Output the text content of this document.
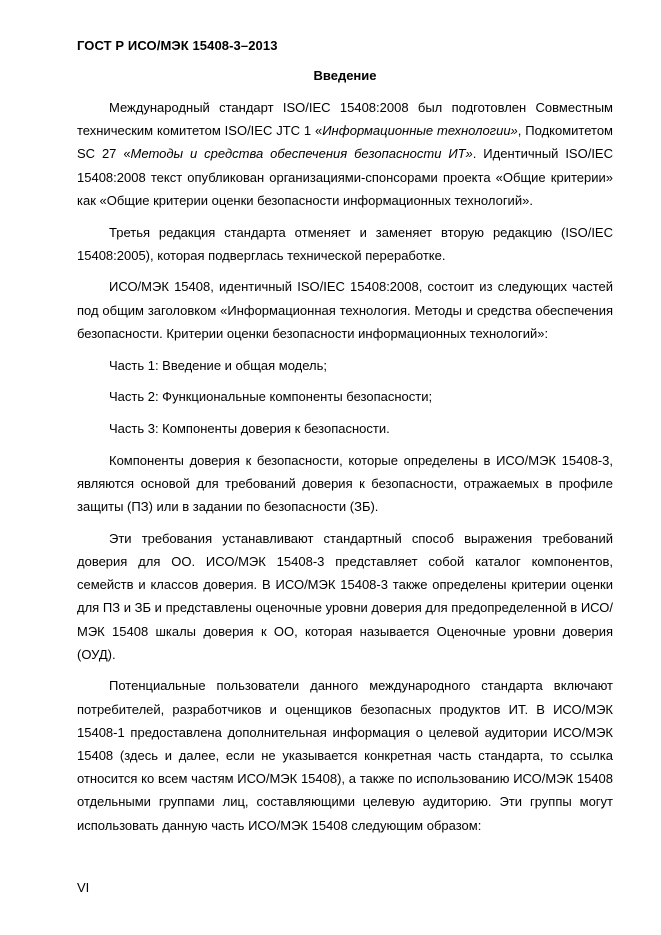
ГОСТ Р ИСО/МЭК 15408-3–2013
Введение

Международный стандарт ISO/IEC 15408:2008 был подготовлен Совместным техническим комитетом ISO/IEC JTC 1 «Информационные технологии», Подкомитетом SC 27 «Методы и средства обеспечения безопасности ИТ». Идентичный ISO/IEC 15408:2008 текст опубликован организациями-спонсорами проекта «Общие критерии» как «Общие критерии оценки безопасности информационных технологий».

Третья редакция стандарта отменяет и заменяет вторую редакцию (ISO/IEC 15408:2005), которая подверглась технической переработке.

ИСО/МЭК 15408, идентичный ISO/IEC 15408:2008, состоит из следующих частей под общим заголовком «Информационная технология. Методы и средства обеспечения безопасности. Критерии оценки безопасности информационных технологий»:

Часть 1: Введение и общая модель;

Часть 2: Функциональные компоненты безопасности;

Часть 3: Компоненты доверия к безопасности.

Компоненты доверия к безопасности, которые определены в ИСО/МЭК 15408-3, являются основой для требований доверия к безопасности, отражаемых в профиле защиты (ПЗ) или в задании по безопасности (ЗБ).

Эти требования устанавливают стандартный способ выражения требований доверия для ОО. ИСО/МЭК 15408-3 представляет собой каталог компонентов, семейств и классов доверия. В ИСО/МЭК 15408-3 также определены критерии оценки для ПЗ и ЗБ и представлены оценочные уровни доверия для предопределенной в ИСО/МЭК 15408 шкалы доверия к ОО, которая называется Оценочные уровни доверия (ОУД).

Потенциальные пользователи данного международного стандарта включают потребителей, разработчиков и оценщиков безопасных продуктов ИТ. В ИСО/МЭК 15408-1 предоставлена дополнительная информация о целевой аудитории ИСО/МЭК 15408 (здесь и далее, если не указывается конкретная часть стандарта, то ссылка относится ко всем частям ИСО/МЭК 15408), а также по использованию ИСО/МЭК 15408 отдельными группами лиц, составляющими целевую аудиторию. Эти группы могут использовать данную часть ИСО/МЭК 15408 следующим образом:

VI
